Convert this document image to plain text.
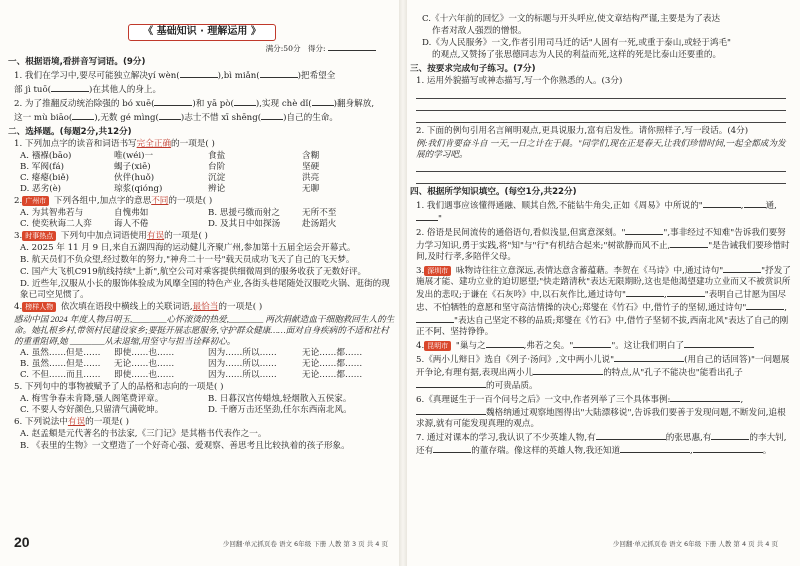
《 基础知识 · 理解运用 》
满分:50分 得分:
一、根据语境,看拼音写词语。(9分)
1. 我们在学习中,要尽可能独立解决yí wèn(	),bì miǎn(	)把希望全
部 jì tuō(	)在其他人的身上。
2. 为了推翻反动统治除强的 bó xuē(	)和 yā pò(	),实现 chè dǐ(	)翻身解放,
这一 mù biāo(	),无数 gé mìng(	)志士不惜 xī shēng(	)自己的生命。
二、选择题。(每题2分,共12分)
1. 下列加点字的读音和词语书写完全正确的一项是( )
A. 襁褓(bāo)	唯(wéi)一	食盐	含糊
B. 军阀(fá)	蝎子(xiē)	台阶	坚硬
C. 瘪瘪(biě)	伙伴(huǒ)	沉淀	洪亮
D. 恶劣(è)	琼浆(qióng)	辨论	无聊
2. 广州市 下列各组中,加点字的意思不同的一项是( )
A. 为其智弗若与	自愧弗如	B. 思援弓缴而射之	无所不至
C. 使奕秋诲二人弈	诲人不倦	D. 及其日中如探汤	赴汤蹈火
3. 时事热点 下列句中加点词语使用有误的一项是( )
A. 2025 年 11 月 9 日,来自五湖四海的运动健儿齐聚广州,参加第十五届全运会开幕式。
B. 航天员们不负众望,经过数年的努力,"神舟二十一号"载天员成功飞天了自己的飞天梦。
C. 国产大飞机C919航线持续"上新",航空公司对乘客提供细微周到的服务收获了无数好评。
D. 近些年,汉服从小长的服饰体验成为风靡全国的特色产业,各街头巷尾随处汉服吃火锅、逛街的现象已司空见惯了。
4. 榜样人物 依次填在语段中横线上的关联词语,最恰当的一项是( )
感动中国 2024 年度人物吕明玉,________心怀滚烫的热爱,________ 两次捐献造血干细胞救回生人的生命。她扎根乡村,带领村民建设家乡;要挺开展志愿服务,守护群众健康……面对自身疾病的不适和社村的重重阻碍,她 ________从未退缩,用坚守与担当诠释初心。
A. 虽然……但是……	即使……也……	因为……所以……	无论……都……
B. 虽然……但是……	无论……也……	因为……所以……	无论……都……
C. 不但……而且……	即使……也……	因为……所以……	无论……都……
5. 下列句中的事物被赋予了人的品格和志向的一项是( )
A. 梅雪争春未肯降,骚人阁笔费评章。	B. 日暮汉宫传蜡烛,轻烟散入五侯家。
C. 不要人夸好颜色,只留清气满乾坤。	D. 千磨万击还坚劲,任尔东西南北风。
6. 下列说法中有误的一项是( )
A. 赵孟頫是元代著名的书法家,《三门记》是其楷书代表作之一。
B. 《表里的生物》一文塑造了一个好奇心强、爱观察、善思考且比较执着的孩子形象。
20	少回翻·单元抓页卷 语文 6年级 下册 人教 第 3 页 共 4 页
C.《十六年前的回忆》一文的标题与开头呼应,使文章结构严谨,主要是为了表达
作者对敌人强烈的憎恨。
D.《为人民服务》一文,作者引用司马迁的话"人固有一死,或重于泰山,或轻于鸿毛"
的观点,又赞扬了张思德同志为人民的利益而死,这样的死是比泰山还要重的。
三、按要求完成句子练习。(7分)
1. 运用外貌描写或神态描写,写一个你熟悉的人。(3分)
2. 下面的例句引用名言阐明观点,更具说服力,富有启发性。请你照样子,写一段话。(4分)
例:我们肯要奋斗自 一天,一日之计在于晨。"同学们,现在正是春天,让我们珍惜时间,一起全都成为发展的学习吧。
四、根据所学知识填空。(每空1分,共22分)
1. 我们遇事应该懂得通融、顺其自然,不能钻牛角尖,正如《周易》中所说的"	,	通,"
2. 俗语是民间流传的通俗语句,看似浅显,但寓意深刻。"	",事非经过不知难"告诉我们要努力学习知识,勇于实践,将"知"与"行"有机结合起来;"树欲静而风不止,	"是告诫我们要珍惜时间,及时行孝,多陪伴父母。
3. 深圳市 咏物诗往往立意深远,表情达意含蓄蕴藉。李贺在《马诗》中,通过诗句"	"抒发了施展才能、建功立业的迫切愿望;"快走踏清秋"表达无限期盼,这也是他渴望建功立业而又不被赏识所发出的悲叹;于谦在《石灰吟》中,以石灰作比,通过诗句"	,	"表明自己甘愿为国尽忠、不怕牺牲的意愿和坚守高洁情操的决心;郑燮在《竹石》中,借竹子的坚韧,通过诗句"	,"表达自己坚定不移的品质;郑燮在《竹石》中,借竹子坚韧不拔,西南北风"表达了自己的刚正不阿、坚持铮铮。
4. 昆明市 "巢与之	,弗若之矣。"	"。这让我们明白了
5.《两小儿辩日》选自《列子·汤问》,文中两小儿说"	(用自己的话回答)"一问题展开争论,有理有据,表现出两小儿	的特点,从"孔子不能决也"能看出孔子的可贵品质。
6.《真理诞生于一百个问号之后》一文中,作者列举了三个具体事例:	,魏格纳通过观察地图得出"大陆漂移说",告诉我们要善于发现问题,不断发问,追根求源,就有可能发现真理的观点。
7. 通过对课本的学习,我认识了不少英雄人物,有	的张思惠,有	的李大钊,还有	的董存瑞。像这样的英雄人物,我还知道	,	。
少回翻·单元抓页卷 语文 6年级 下册 人教 第 4 页 共 4 页
